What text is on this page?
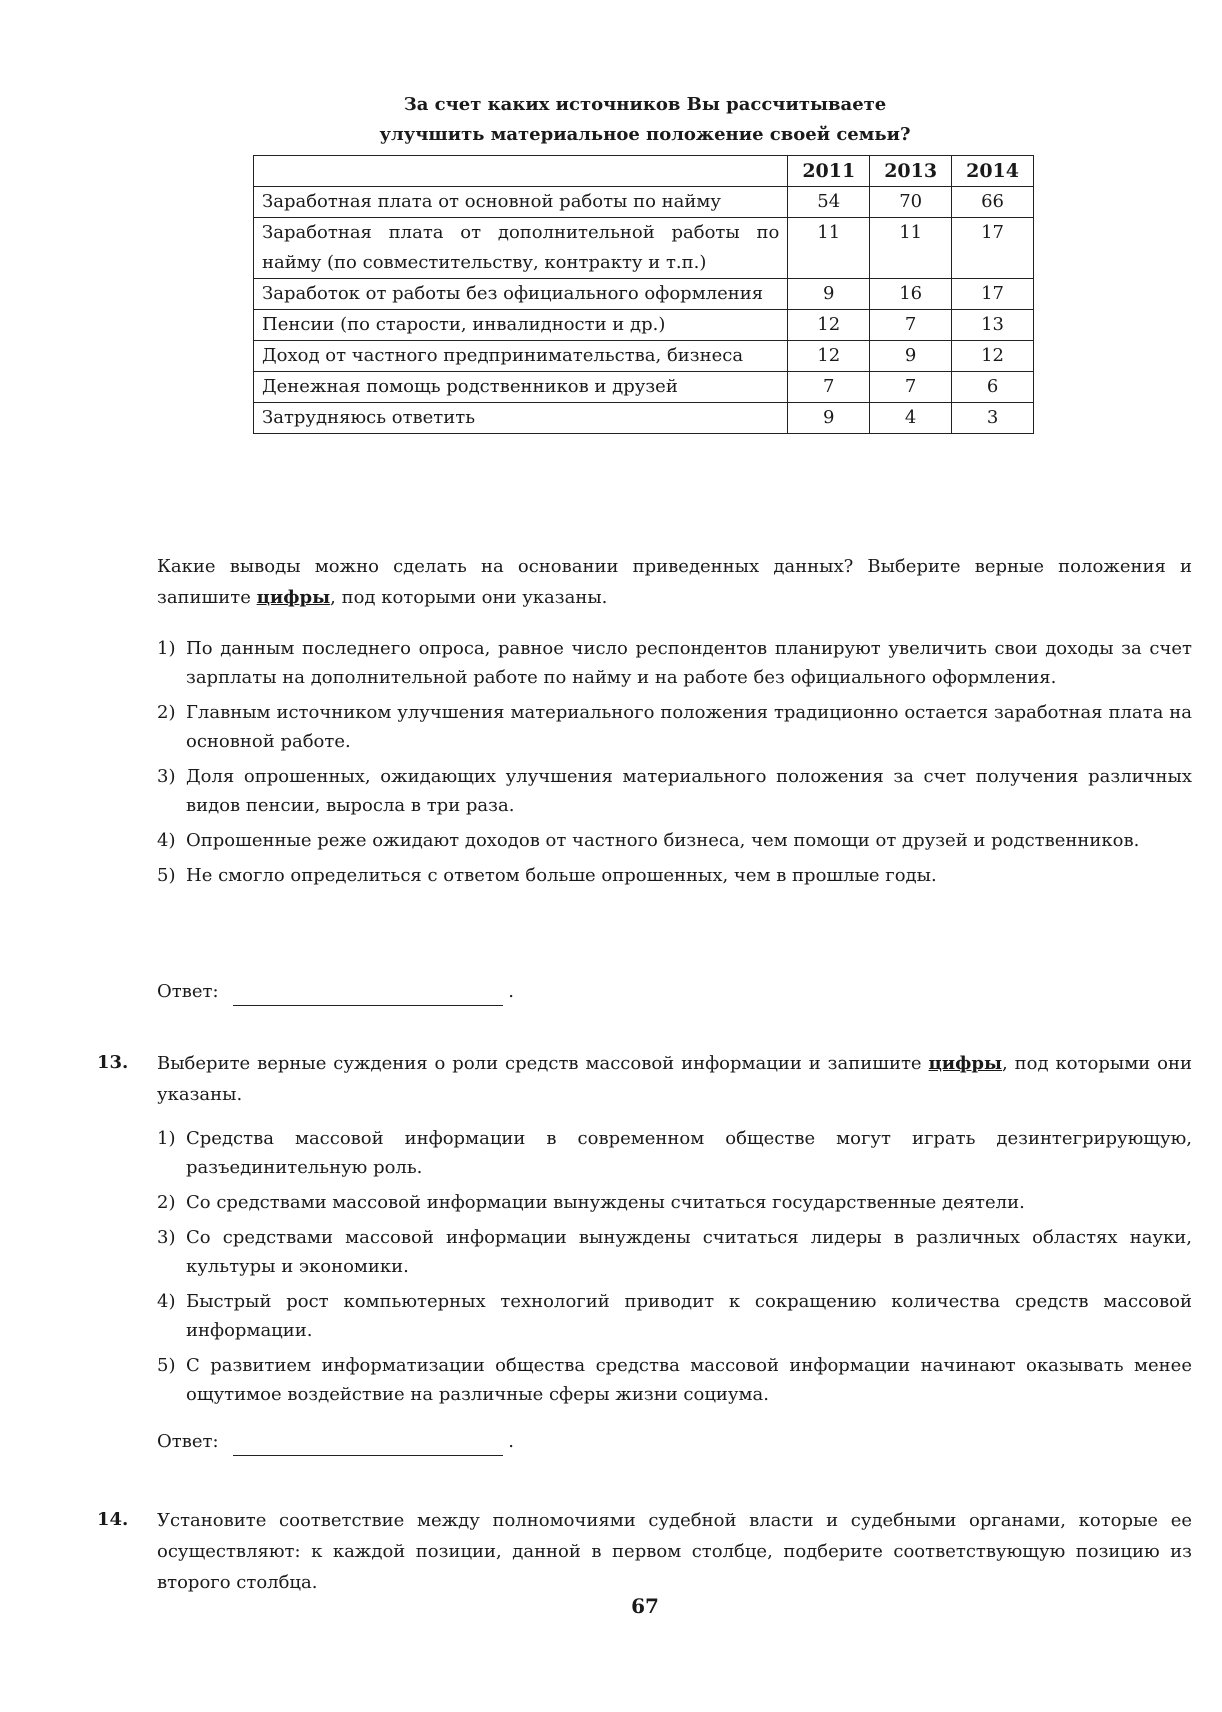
За счет каких источников Вы рассчитываете
улучшить материальное положение своей семьи?
	2011	2013	2014
Заработная плата от основной работы по найму	54	70	66
Заработная плата от дополнительной работы по найму (по совместительству, контракту и т.п.)	11	11	17
Заработок от работы без официального оформления	9	16	17
Пенсии (по старости, инвалидности и др.)	12	7	13
Доход от частного предпринимательства, бизнеса	12	9	12
Денежная помощь родственников и друзей	7	7	6
Затрудняюсь ответить	9	4	3
Какие выводы можно сделать на основании приведенных данных? Выберите верные положения и запишите цифры, под которыми они указаны.
1) По данным последнего опроса, равное число респондентов планируют увеличить свои доходы за счет зарплаты на дополнительной работе по найму и на работе без официального оформления.
2) Главным источником улучшения материального положения традиционно остается заработная плата на основной работе.
3) Доля опрошенных, ожидающих улучшения материального положения за счет получения различных видов пенсии, выросла в три раза.
4) Опрошенные реже ожидают доходов от частного бизнеса, чем помощи от друзей и родственников.
5) Не смогло определиться с ответом больше опрошенных, чем в прошлые годы.
Ответ:	.
13. Выберите верные суждения о роли средств массовой информации и запишите цифры, под которыми они указаны.
1) Средства массовой информации в современном обществе могут играть дезинтегрирующую, разъединительную роль.
2) Со средствами массовой информации вынуждены считаться государственные деятели.
3) Со средствами массовой информации вынуждены считаться лидеры в различных областях науки, культуры и экономики.
4) Быстрый рост компьютерных технологий приводит к сокращению количества средств массовой информации.
5) С развитием информатизации общества средства массовой информации начинают оказывать менее ощутимое воздействие на различные сферы жизни социума.
Ответ:	.
14. Установите соответствие между полномочиями судебной власти и судебными органами, которые ее осуществляют: к каждой позиции, данной в первом столбце, подберите соответствующую позицию из второго столбца.
67
